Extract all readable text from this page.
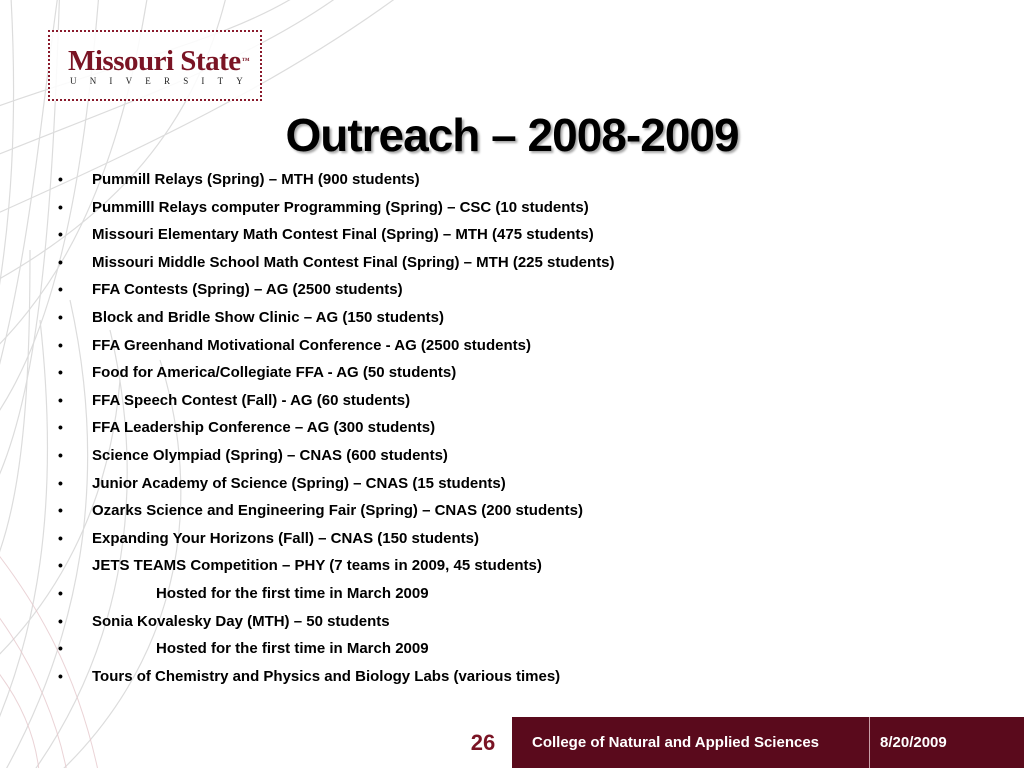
Missouri State™
UNIVERSITY
Outreach – 2008-2009
• Pummill Relays (Spring) – MTH (900 students)
• Pummilll Relays computer Programming (Spring) – CSC (10 students)
• Missouri Elementary Math Contest Final (Spring) – MTH (475 students)
• Missouri Middle School Math Contest Final (Spring) – MTH (225 students)
• FFA Contests (Spring) – AG (2500 students)
• Block and Bridle Show Clinic – AG (150 students)
• FFA Greenhand Motivational Conference - AG (2500 students)
• Food for America/Collegiate FFA - AG (50 students)
• FFA Speech Contest (Fall) - AG (60 students)
• FFA Leadership Conference – AG (300 students)
• Science Olympiad (Spring) – CNAS (600 students)
• Junior Academy of Science (Spring) – CNAS (15 students)
• Ozarks Science and Engineering Fair (Spring) – CNAS (200 students)
• Expanding Your Horizons (Fall) – CNAS (150 students)
• JETS TEAMS Competition – PHY (7 teams in 2009, 45 students)
•	Hosted for the first time in March 2009
• Sonia Kovalesky Day (MTH) – 50 students
•	Hosted for the first time in March 2009
• Tours of Chemistry and Physics and Biology Labs (various times)
26	College of Natural and Applied Sciences	8/20/2009
